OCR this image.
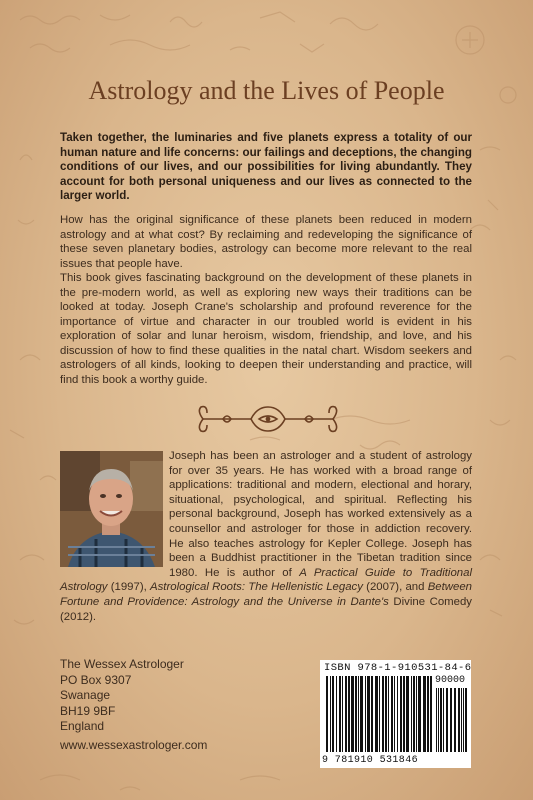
Astrology and the Lives of People

Taken together, the luminaries and five planets express a totality of our human nature and life concerns: our failings and deceptions, the changing conditions of our lives, and our possibilities for living abundantly. They account for both personal uniqueness and our lives as connected to the larger world.

How has the original significance of these planets been reduced in modern astrology and at what cost? By reclaiming and redeveloping the significance of these seven planetary bodies, astrology can become more relevant to the real issues that people have.

This book gives fascinating background on the development of these planets in the pre-modern world, as well as exploring new ways their traditions can be looked at today. Joseph Crane's scholarship and profound reverence for the importance of virtue and character in our troubled world is evident in his exploration of solar and lunar heroism, wisdom, friendship, and love, and his discussion of how to find these qualities in the natal chart. Wisdom seekers and astrologers of all kinds, looking to deepen their understanding and practice, will find this book a worthy guide.

Joseph has been an astrologer and a student of astrology for over 35 years. He has worked with a broad range of applications: traditional and modern, electional and horary, situational, psychological, and spiritual. Reflecting his personal background, Joseph has worked extensively as a counsellor and astrologer for those in addiction recovery. He also teaches astrology for Kepler College. Joseph has been a Buddhist practitioner in the Tibetan tradition since 1980. He is author of A Practical Guide to Traditional Astrology (1997), Astrological Roots: The Hellenistic Legacy (2007), and Between Fortune and Providence: Astrology and the Universe in Dante's Divine Comedy (2012).
The Wessex Astrologer
PO Box 9307
Swanage
BH19 9BF
England
www.wessexastrologer.com
ISBN 978-1-910531-84-6
90000
9 781910 531846
